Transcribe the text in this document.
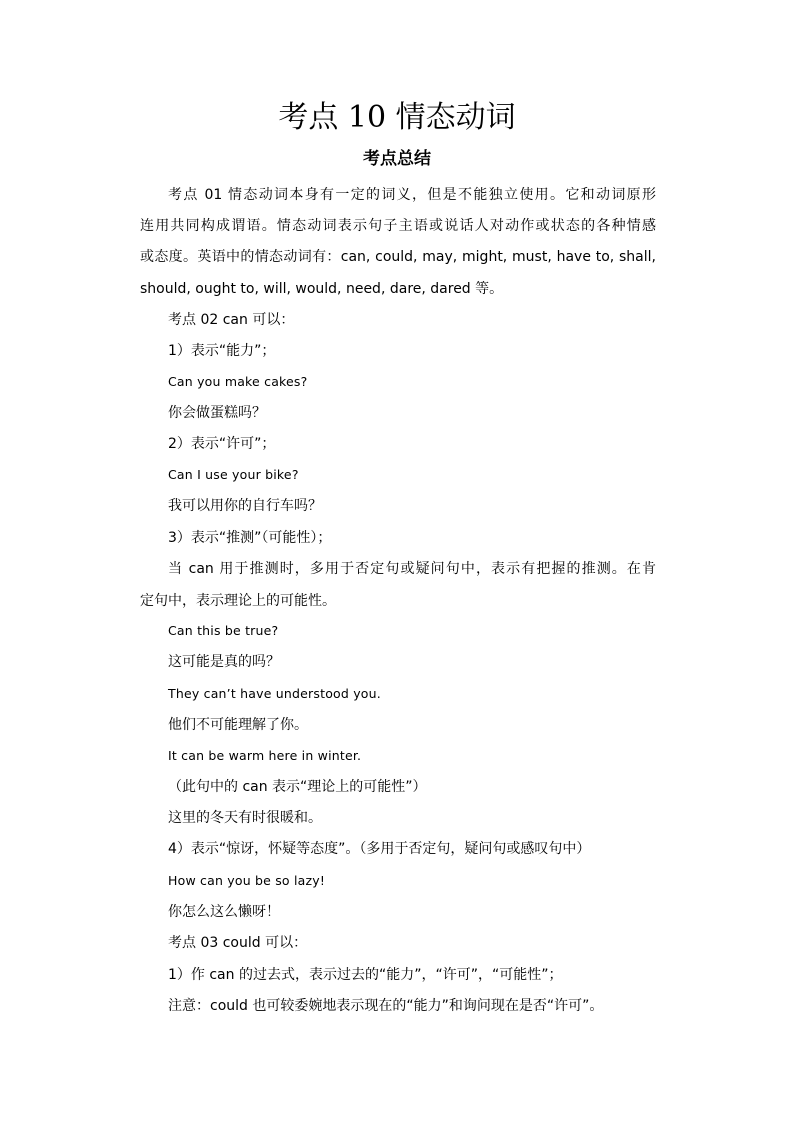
考点 10 情态动词
考点总结
考点 01 情态动词本身有一定的词义，但是不能独立使用。它和动词原形
连用共同构成谓语。情态动词表示句子主语或说话人对动作或状态的各种情感
或态度。英语中的情态动词有：can, could, may, might, must, have to, shall,
should, ought to, will, would, need, dare, dared 等。
考点 02 can 可以：
1）表示“能力”；
Can you make cakes?
你会做蛋糕吗？
2）表示“许可”；
Can I use your bike?
我可以用你的自行车吗？
3）表示“推测”（可能性）；
当 can 用于推测时，多用于否定句或疑问句中，表示有把握的推测。在肯
定句中，表示理论上的可能性。
Can this be true?
这可能是真的吗？
They can’t have understood you.
他们不可能理解了你。
It can be warm here in winter.
（此句中的 can 表示“理论上的可能性”）
这里的冬天有时很暖和。
4）表示“惊讶，怀疑等态度”。（多用于否定句，疑问句或感叹句中）
How can you be so lazy!
你怎么这么懒呀！
考点 03 could 可以：
1）作 can 的过去式，表示过去的“能力”，“许可”，“可能性”；
注意：could 也可较委婉地表示现在的“能力”和询问现在是否“许可”。
